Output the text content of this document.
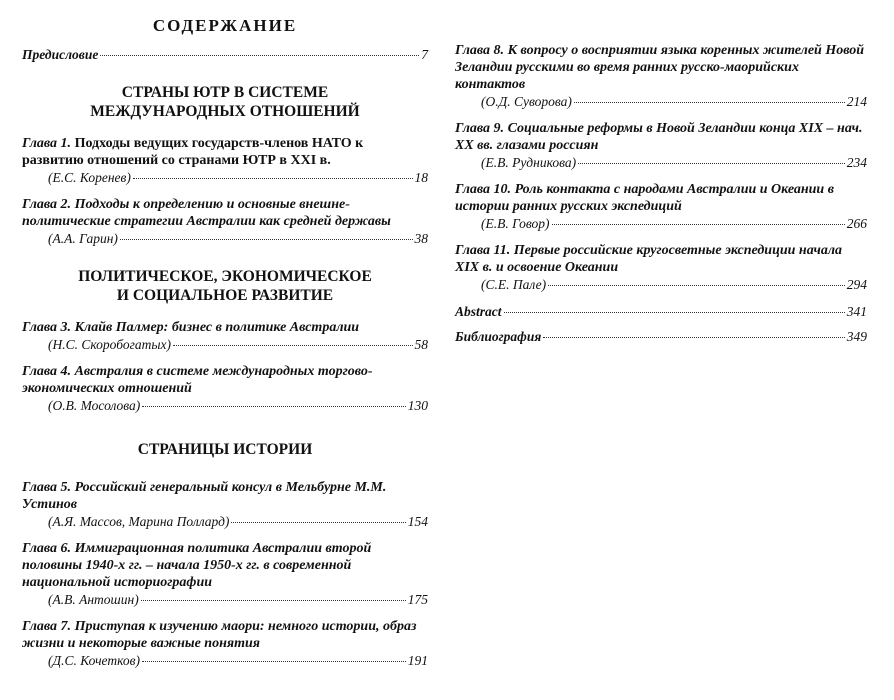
СОДЕРЖАНИЕ
Предисловие	7
СТРАНЫ ЮТР В СИСТЕМЕ
МЕЖДУНАРОДНЫХ ОТНОШЕНИЙ
Глава 1. Подходы ведущих государств-членов НАТО к развитию отношений со странами ЮТР в XXI в.
(Е.С. Коренев)	18
Глава 2. Подходы к определению и основные внешне-политические стратегии Австралии как средней державы
(А.А. Гарин)	38
ПОЛИТИЧЕСКОЕ, ЭКОНОМИЧЕСКОЕ
И СОЦИАЛЬНОЕ РАЗВИТИЕ
Глава 3. Клайв Палмер: бизнес в политике Австралии
(Н.С. Скоробогатых)	58
Глава 4. Австралия в системе международных торгово-экономических отношений
(О.В. Мосолова)	130
СТРАНИЦЫ ИСТОРИИ
Глава 5. Российский генеральный консул в Мельбурне М.М. Устинов
(А.Я. Массов, Марина Поллард)	154
Глава 6. Иммиграционная политика Австралии второй половины 1940-х гг. – начала 1950-х гг. в современной национальной историографии
(А.В. Антошин)	175
Глава 7. Приступая к изучению маори: немного истории, образ жизни и некоторые важные понятия
(Д.С. Кочетков)	191
Глава 8. К вопросу о восприятии языка коренных жителей Новой Зеландии русскими во время ранних русско-маорийских контактов
(О.Д. Суворова)	214
Глава 9. Социальные реформы в Новой Зеландии конца XIX – нач. XX вв. глазами россиян
(Е.В. Рудникова)	234
Глава 10. Роль контакта с народами Австралии и Океании в истории ранних русских экспедиций
(Е.В. Говор)	266
Глава 11. Первые российские кругосветные экспедиции начала XIX в. и освоение Океании
(С.Е. Пале)	294
Abstract	341
Библиография	349
